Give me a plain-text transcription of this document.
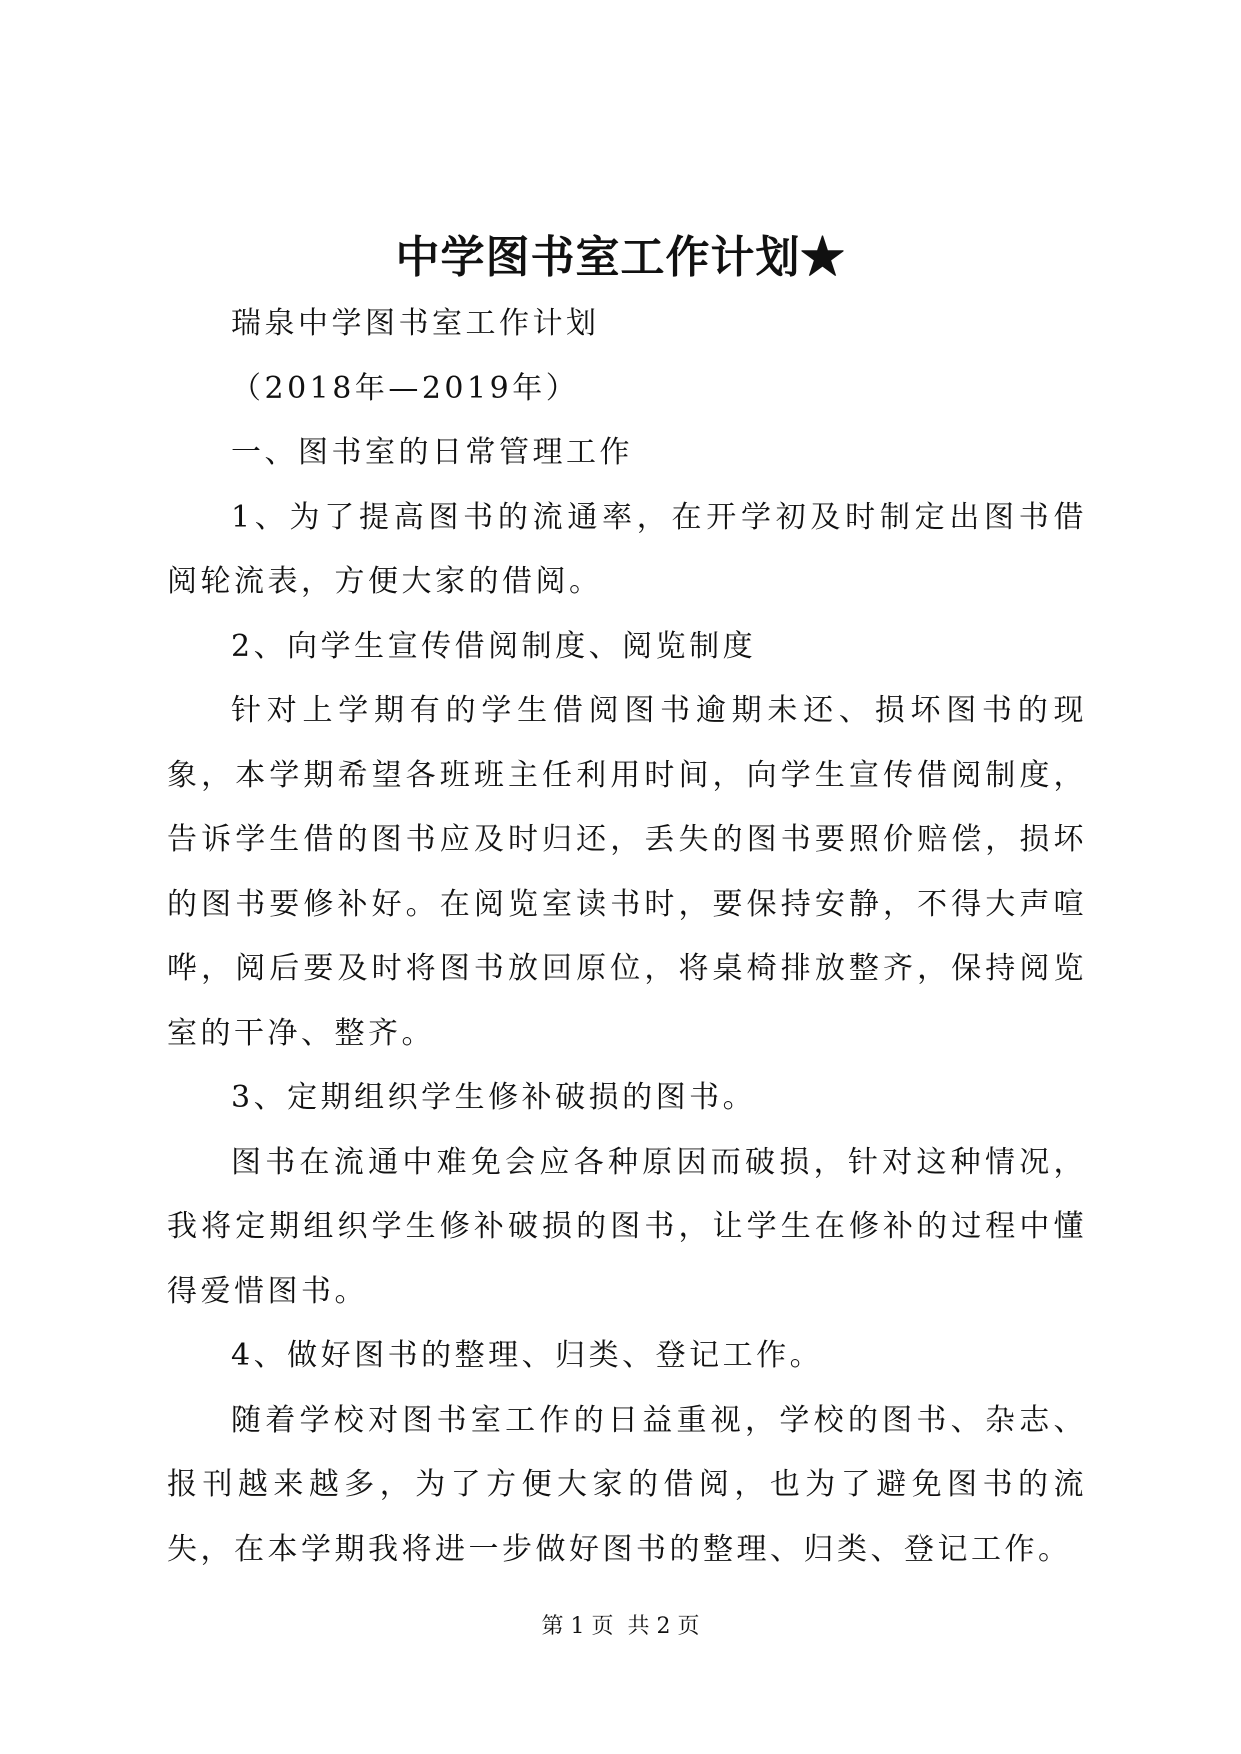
中学图书室工作计划★

瑞泉中学图书室工作计划

（2018年—2019年）

一、图书室的日常管理工作

1、为了提高图书的流通率，在开学初及时制定出图书借阅轮流表，方便大家的借阅。

2、向学生宣传借阅制度、阅览制度

针对上学期有的学生借阅图书逾期未还、损坏图书的现象，本学期希望各班班主任利用时间，向学生宣传借阅制度，告诉学生借的图书应及时归还，丢失的图书要照价赔偿，损坏的图书要修补好。在阅览室读书时，要保持安静，不得大声喧哗，阅后要及时将图书放回原位，将桌椅排放整齐，保持阅览室的干净、整齐。

3、定期组织学生修补破损的图书。

图书在流通中难免会应各种原因而破损，针对这种情况，我将定期组织学生修补破损的图书，让学生在修补的过程中懂得爱惜图书。

4、做好图书的整理、归类、登记工作。

随着学校对图书室工作的日益重视，学校的图书、杂志、报刊越来越多，为了方便大家的借阅，也为了避免图书的流失，在本学期我将进一步做好图书的整理、归类、登记工作。

第 1 页  共 2 页
